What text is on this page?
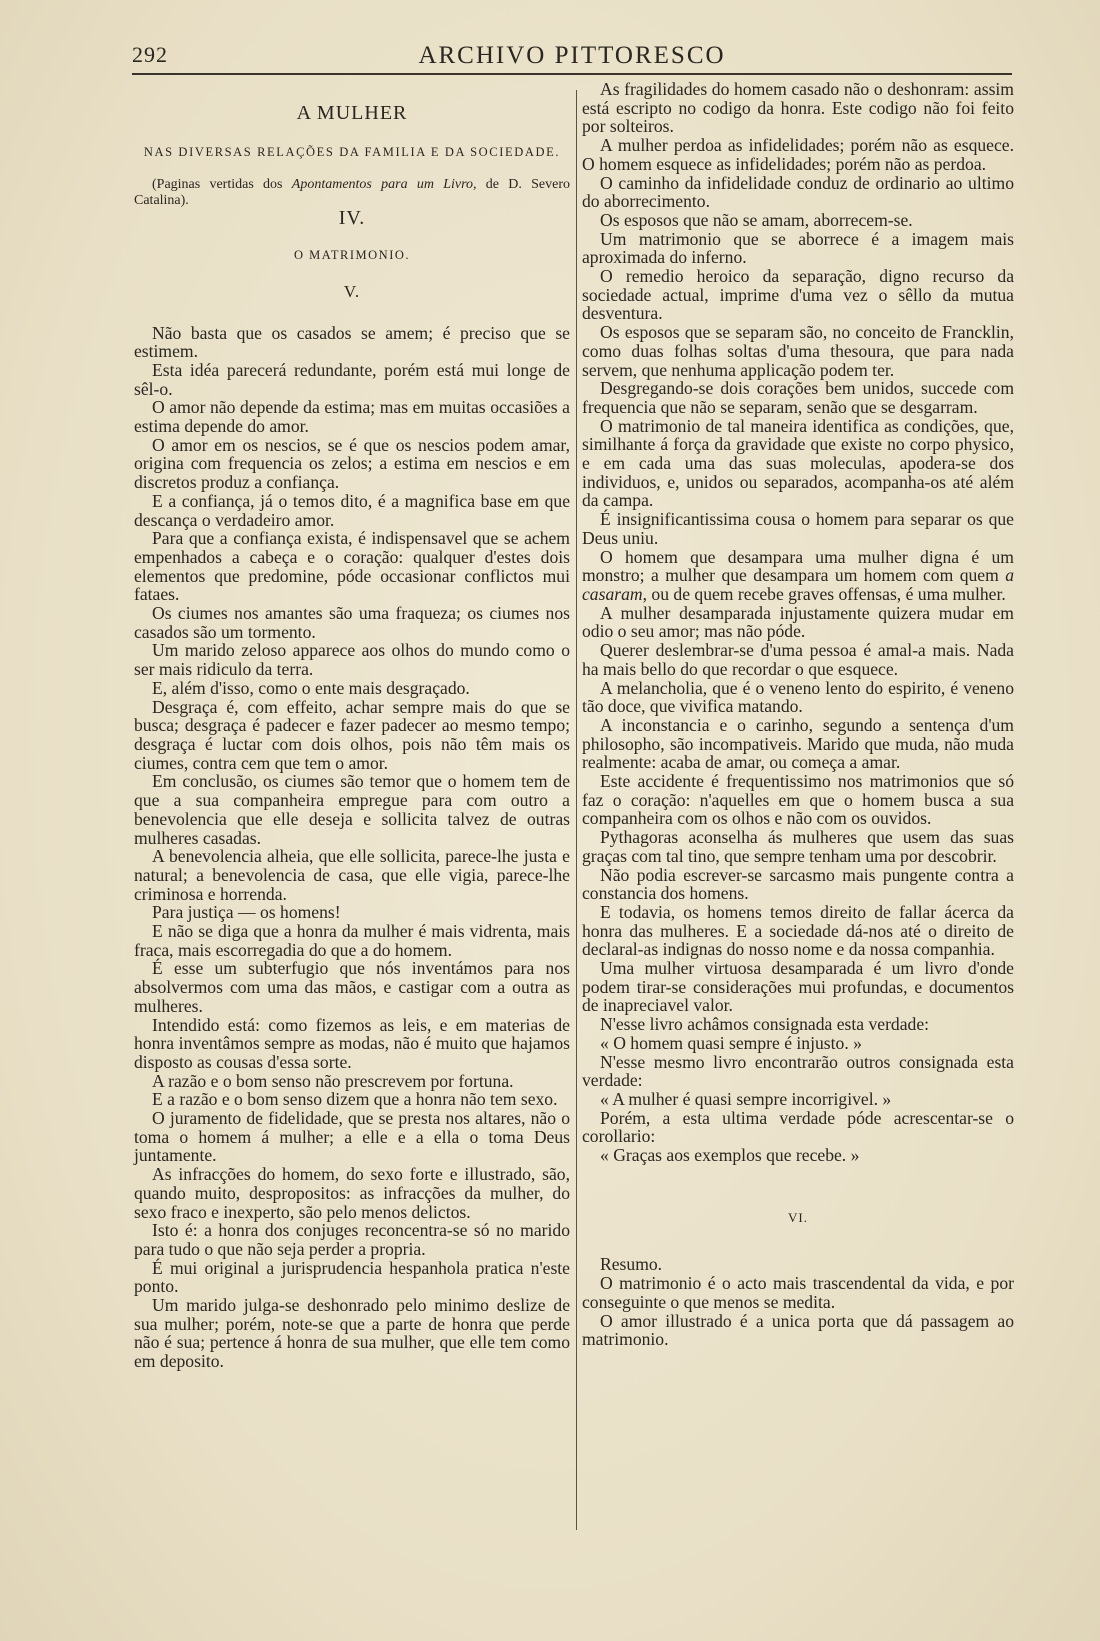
292	ARCHIVO PITTORESCO
A MULHER
NAS DIVERSAS RELAÇÕES DA FAMILIA E DA SOCIEDADE.

(Paginas vertidas dos Apontamentos para um Livro, de D. Severo Catalina).

IV.
O MATRIMONIO.
V.

Não basta que os casados se amem; é preciso que se estimem.

Esta idéa parecerá redundante, porém está mui longe de sêl-o.

O amor não depende da estima; mas em muitas occasiões a estima depende do amor.

O amor em os nescios, se é que os nescios podem amar, origina com frequencia os zelos; a estima em nescios e em discretos produz a confiança.

E a confiança, já o temos dito, é a magnifica base em que descança o verdadeiro amor.

Para que a confiança exista, é indispensavel que se achem empenhados a cabeça e o coração: qualquer d'estes dois elementos que predomine, póde occasionar conflictos mui fataes.

Os ciumes nos amantes são uma fraqueza; os ciumes nos casados são um tormento.

Um marido zeloso apparece aos olhos do mundo como o ser mais ridiculo da terra.

E, além d'isso, como o ente mais desgraçado.

Desgraça é, com effeito, achar sempre mais do que se busca; desgraça é padecer e fazer padecer ao mesmo tempo; desgraça é luctar com dois olhos, pois não têm mais os ciumes, contra cem que tem o amor.

Em conclusão, os ciumes são temor que o homem tem de que a sua companheira empregue para com outro a benevolencia que elle deseja e sollicita talvez de outras mulheres casadas.

A benevolencia alheia, que elle sollicita, parece-lhe justa e natural; a benevolencia de casa, que elle vigia, parece-lhe criminosa e horrenda.

Para justiça — os homens!

E não se diga que a honra da mulher é mais vidrenta, mais fraca, mais escorregadia do que a do homem.

É esse um subterfugio que nós inventámos para nos absolvermos com uma das mãos, e castigar com a outra as mulheres.

Intendido está: como fizemos as leis, e em materias de honra inventâmos sempre as modas, não é muito que hajamos disposto as cousas d'essa sorte.

A razão e o bom senso não prescrevem por fortuna.

E a razão e o bom senso dizem que a honra não tem sexo.

O juramento de fidelidade, que se presta nos altares, não o toma o homem á mulher; a elle e a ella o toma Deus juntamente.

As infracções do homem, do sexo forte e illustrado, são, quando muito, despropositos: as infracções da mulher, do sexo fraco e inexperto, são pelo menos delictos.

Isto é: a honra dos conjuges reconcentra-se só no marido para tudo o que não seja perder a propria.

É mui original a jurisprudencia hespanhola pratica n'este ponto.

Um marido julga-se deshonrado pelo minimo deslize de sua mulher; porém, note-se que a parte de honra que perde não é sua; pertence á honra de sua mulher, que elle tem como em deposito.

As fragilidades do homem casado não o deshonram: assim está escripto no codigo da honra. Este codigo não foi feito por solteiros.

A mulher perdoa as infidelidades; porém não as esquece. O homem esquece as infidelidades; porém não as perdoa.

O caminho da infidelidade conduz de ordinario ao ultimo do aborrecimento.

Os esposos que não se amam, aborrecem-se.

Um matrimonio que se aborrece é a imagem mais aproximada do inferno.

O remedio heroico da separação, digno recurso da sociedade actual, imprime d'uma vez o sêllo da mutua desventura.

Os esposos que se separam são, no conceito de Francklin, como duas folhas soltas d'uma thesoura, que para nada servem, que nenhuma applicação podem ter.

Desgregando-se dois corações bem unidos, succede com frequencia que não se separam, senão que se desgarram.

O matrimonio de tal maneira identifica as condições, que, similhante á força da gravidade que existe no corpo physico, e em cada uma das suas moleculas, apodera-se dos individuos, e, unidos ou separados, acompanha-os até além da campa.

É insignificantissima cousa o homem para separar os que Deus uniu.

O homem que desampara uma mulher digna é um monstro; a mulher que desampara um homem com quem a casaram, ou de quem recebe graves offensas, é uma mulher.

A mulher desamparada injustamente quizera mudar em odio o seu amor; mas não póde.

Querer deslembrar-se d'uma pessoa é amal-a mais. Nada ha mais bello do que recordar o que esquece.

A melancholia, que é o veneno lento do espirito, é veneno tão doce, que vivifica matando.

A inconstancia e o carinho, segundo a sentença d'um philosopho, são incompativeis. Marido que muda, não muda realmente: acaba de amar, ou começa a amar.

Este accidente é frequentissimo nos matrimonios que só faz o coração: n'aquelles em que o homem busca a sua companheira com os olhos e não com os ouvidos.

Pythagoras aconselha ás mulheres que usem das suas graças com tal tino, que sempre tenham uma por descobrir.

Não podia escrever-se sarcasmo mais pungente contra a constancia dos homens.

E todavia, os homens temos direito de fallar ácerca da honra das mulheres. E a sociedade dá-nos até o direito de declaral-as indignas do nosso nome e da nossa companhia.

Uma mulher virtuosa desamparada é um livro d'onde podem tirar-se considerações mui profundas, e documentos de inapreciavel valor.

N'esse livro achâmos consignada esta verdade:

« O homem quasi sempre é injusto. »

N'esse mesmo livro encontrarão outros consignada esta verdade:

« A mulher é quasi sempre incorrigivel. »

Porém, a esta ultima verdade póde acrescentar-se o corollario:

« Graças aos exemplos que recebe. »

VI.

Resumo.

O matrimonio é o acto mais trascendental da vida, e por conseguinte o que menos se medita.

O amor illustrado é a unica porta que dá passagem ao matrimonio.
